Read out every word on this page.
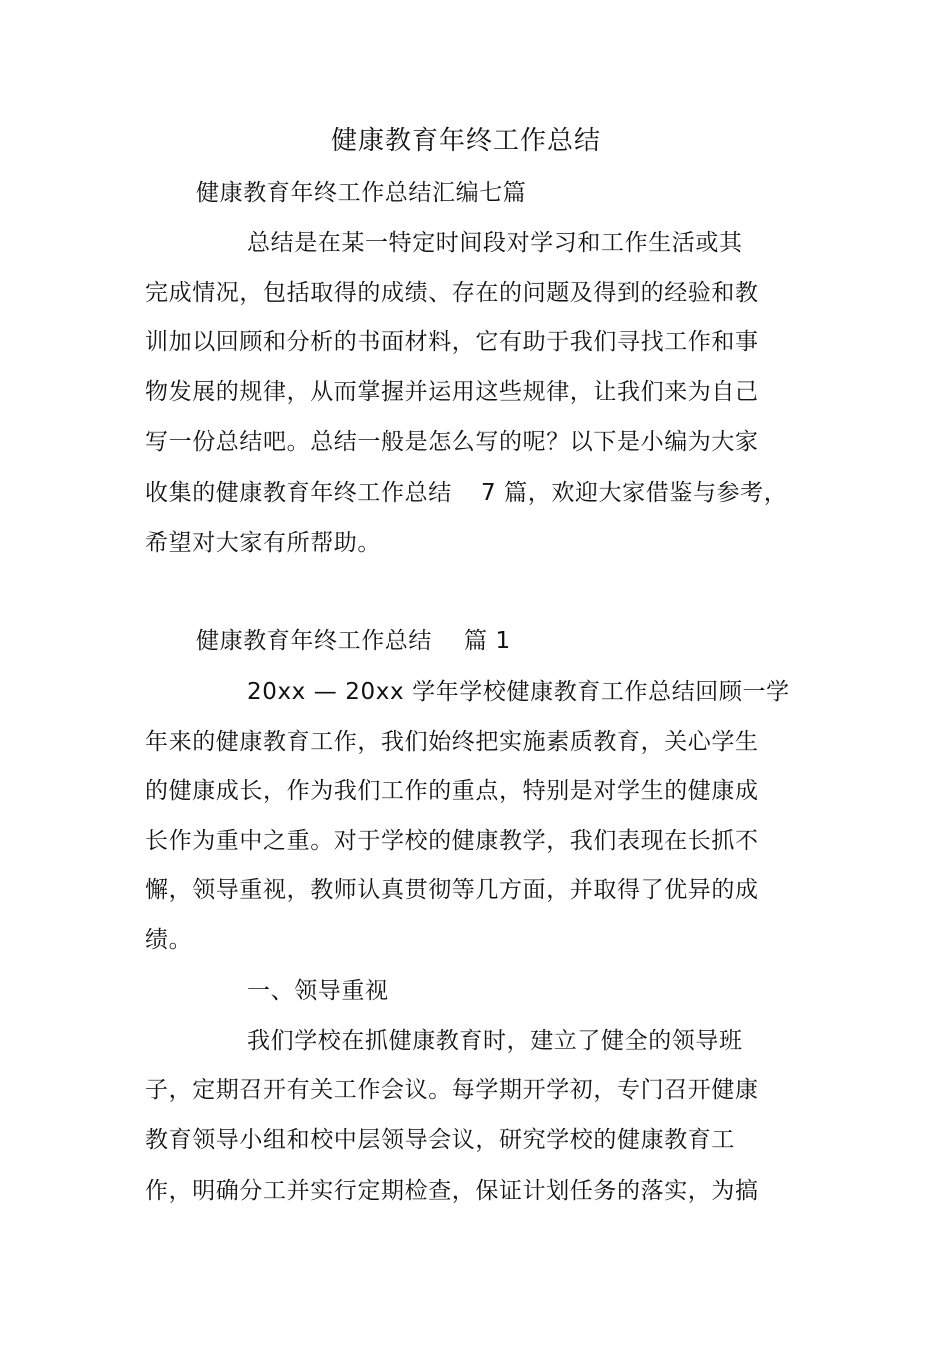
健康教育年终工作总结
健康教育年终工作总结汇编七篇
总结是在某一特定时间段对学习和工作生活或其
完成情况，包括取得的成绩、存在的问题及得到的经验和教
训加以回顾和分析的书面材料，它有助于我们寻找工作和事
物发展的规律，从而掌握并运用这些规律，让我们来为自己
写一份总结吧。总结一般是怎么写的呢？以下是小编为大家
收集的健康教育年终工作总结 7 篇，欢迎大家借鉴与参考，
希望对大家有所帮助。
健康教育年终工作总结 篇 1
20xx — 20xx 学年学校健康教育工作总结回顾一学
年来的健康教育工作，我们始终把实施素质教育，关心学生
的健康成长，作为我们工作的重点，特别是对学生的健康成
长作为重中之重。对于学校的健康教学，我们表现在长抓不
懈，领导重视，教师认真贯彻等几方面，并取得了优异的成
绩。
一、领导重视
我们学校在抓健康教育时，建立了健全的领导班
子，定期召开有关工作会议。每学期开学初，专门召开健康
教育领导小组和校中层领导会议，研究学校的健康教育工
作，明确分工并实行定期检查，保证计划任务的落实，为搞
